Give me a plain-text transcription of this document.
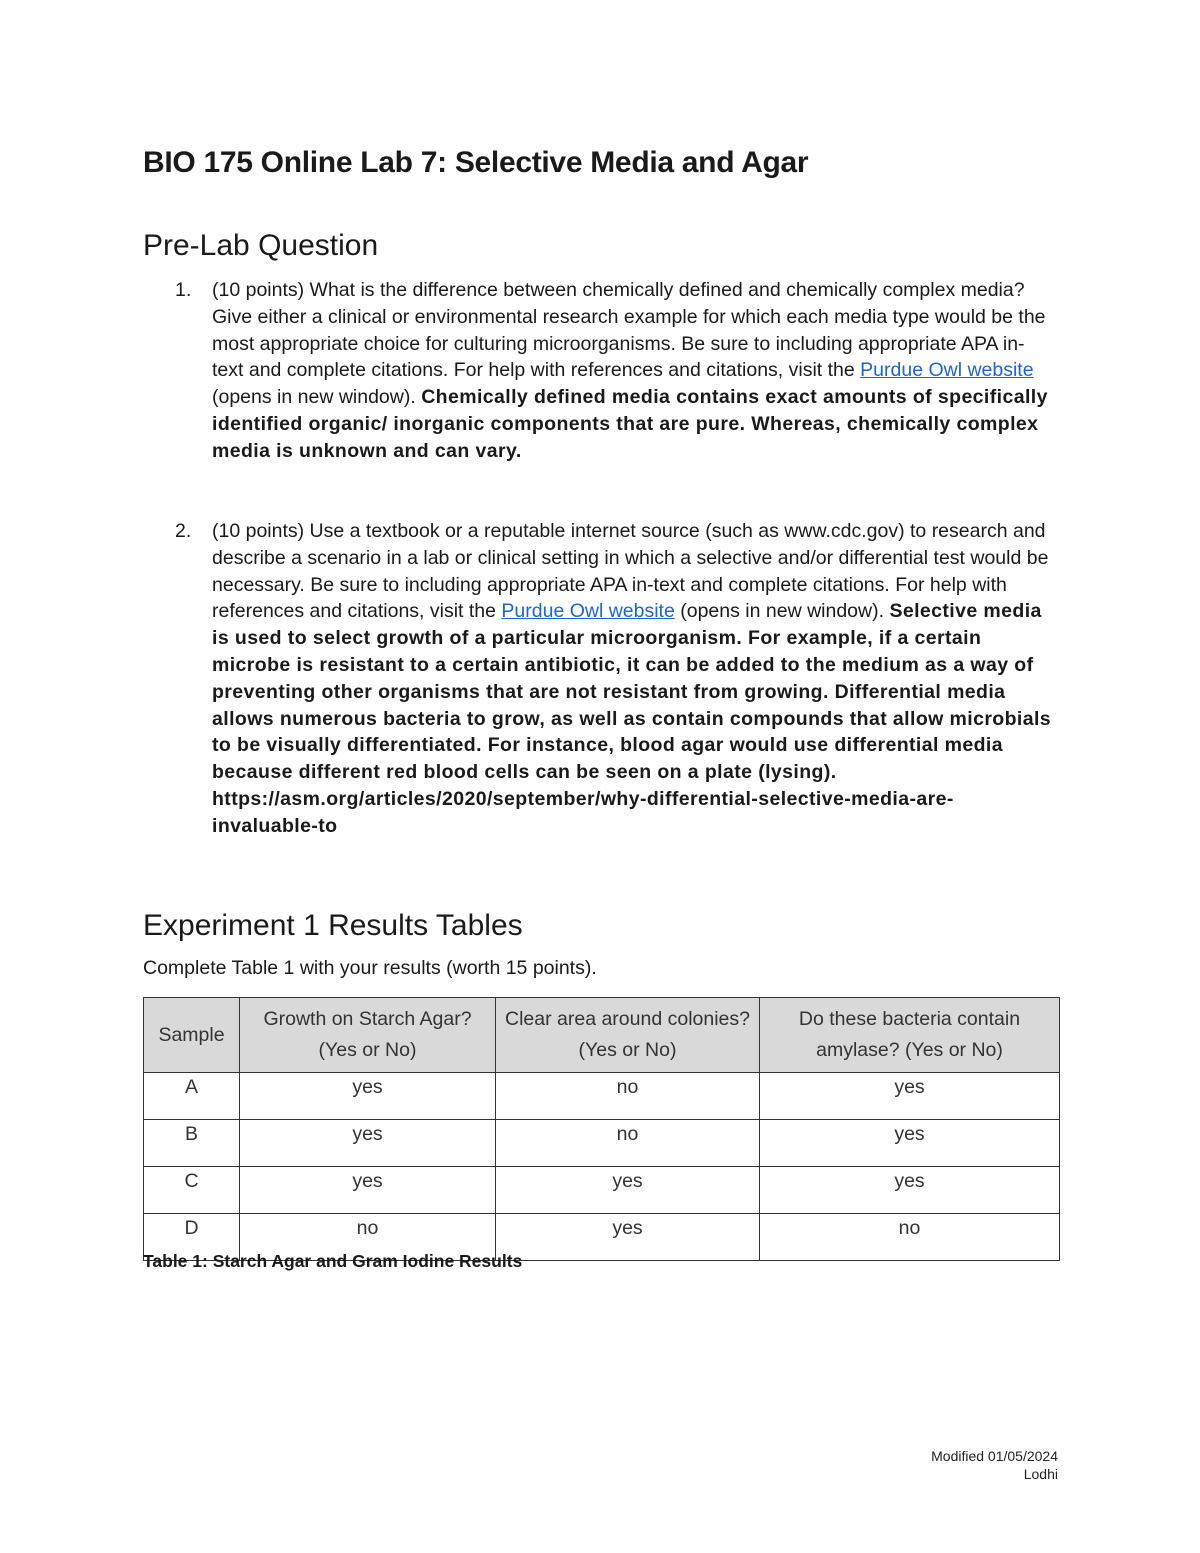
BIO 175 Online Lab 7: Selective Media and Agar
Pre-Lab Question
1. (10 points) What is the difference between chemically defined and chemically complex media? Give either a clinical or environmental research example for which each media type would be the most appropriate choice for culturing microorganisms. Be sure to including appropriate APA in-text and complete citations. For help with references and citations, visit the Purdue Owl website (opens in new window). Chemically defined media contains exact amounts of specifically identified organic/ inorganic components that are pure. Whereas, chemically complex media is unknown and can vary.
2. (10 points) Use a textbook or a reputable internet source (such as www.cdc.gov) to research and describe a scenario in a lab or clinical setting in which a selective and/or differential test would be necessary. Be sure to including appropriate APA in-text and complete citations. For help with references and citations, visit the Purdue Owl website (opens in new window). Selective media is used to select growth of a particular microorganism. For example, if a certain microbe is resistant to a certain antibiotic, it can be added to the medium as a way of preventing other organisms that are not resistant from growing. Differential media allows numerous bacteria to grow, as well as contain compounds that allow microbials to be visually differentiated. For instance, blood agar would use differential media because different red blood cells can be seen on a plate (lysing). https://asm.org/articles/2020/september/why-differential-selective-media-are-invaluable-to
Experiment 1 Results Tables
Complete Table 1 with your results (worth 15 points).
Sample	Growth on Starch Agar? (Yes or No)	Clear area around colonies? (Yes or No)	Do these bacteria contain amylase? (Yes or No)
A	yes	no	yes
B	yes	no	yes
C	yes	yes	yes
D	no	yes	no
Table 1: Starch Agar and Gram Iodine Results
Modified 01/05/2024
Lodhi
